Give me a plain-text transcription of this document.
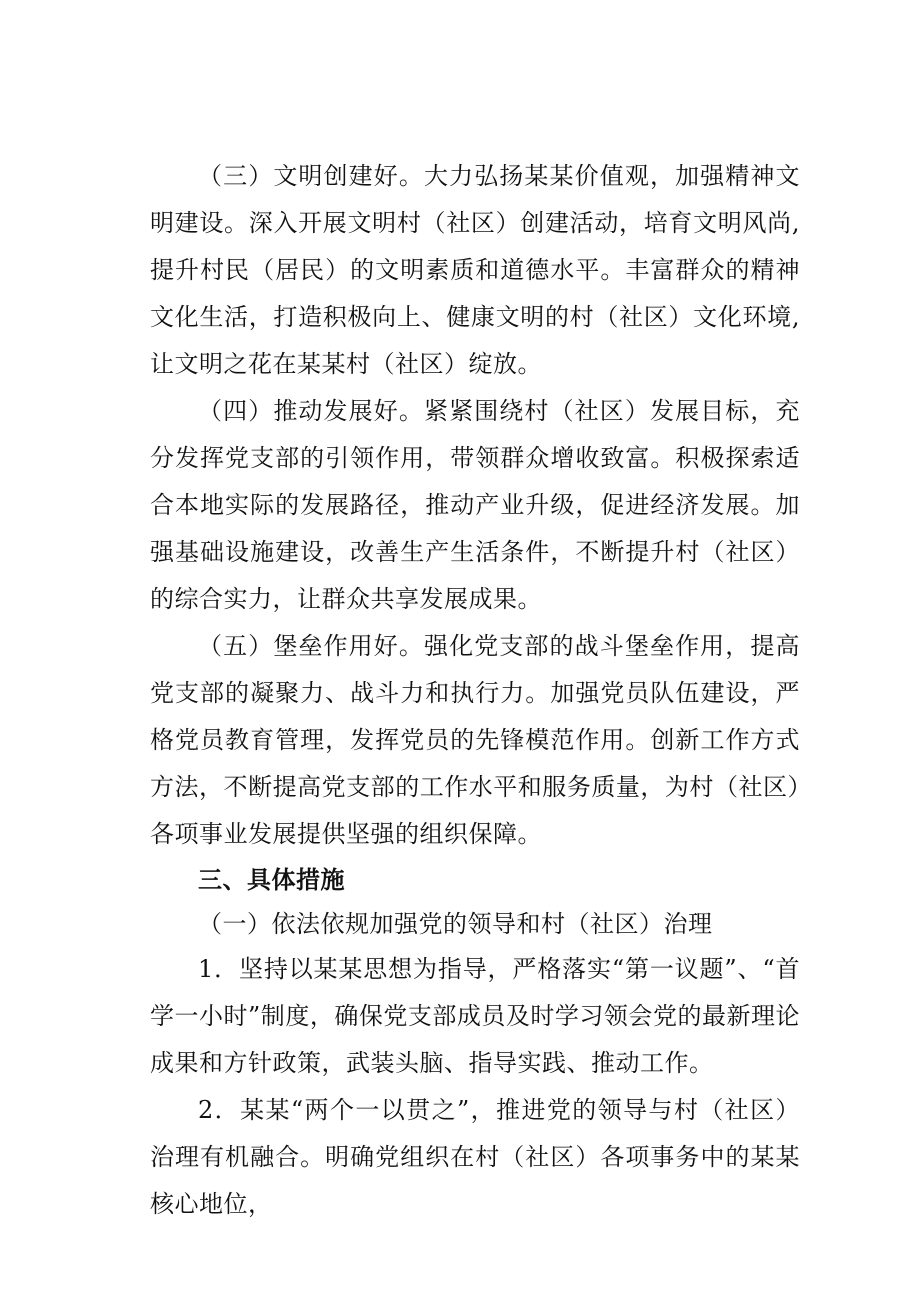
（三）文明创建好。大力弘扬某某价值观，加强精神文明建设。深入开展文明村（社区）创建活动，培育文明风尚,提升村民（居民）的文明素质和道德水平。丰富群众的精神文化生活，打造积极向上、健康文明的村（社区）文化环境,让文明之花在某某村（社区）绽放。

（四）推动发展好。紧紧围绕村（社区）发展目标，充分发挥党支部的引领作用，带领群众增收致富。积极探索适合本地实际的发展路径，推动产业升级，促进经济发展。加强基础设施建设，改善生产生活条件，不断提升村（社区）的综合实力，让群众共享发展成果。

（五）堡垒作用好。强化党支部的战斗堡垒作用，提高党支部的凝聚力、战斗力和执行力。加强党员队伍建设，严格党员教育管理，发挥党员的先锋模范作用。创新工作方式方法，不断提高党支部的工作水平和服务质量，为村（社区）各项事业发展提供坚强的组织保障。

三、具体措施

（一）依法依规加强党的领导和村（社区）治理

1．坚持以某某思想为指导，严格落实“第一议题”、“首学一小时”制度，确保党支部成员及时学习领会党的最新理论成果和方针政策，武装头脑、指导实践、推动工作。

2．某某“两个一以贯之”，推进党的领导与村（社区）治理有机融合。明确党组织在村（社区）各项事务中的某某核心地位，
